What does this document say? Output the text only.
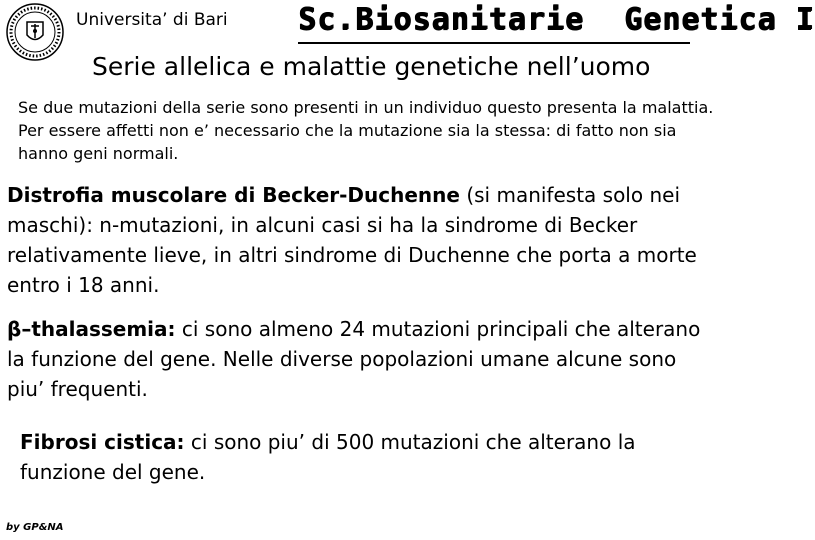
Universita’ di Bari Sc.Biosanitarie Genetica I
Serie allelica e malattie genetiche nell’uomo
Se due mutazioni della serie sono presenti in un individuo questo presenta la malattia. Per essere affetti non e’ necessario che la mutazione sia la stessa: di fatto non sia hanno geni normali.
Distrofia muscolare di Becker-Duchenne (si manifesta solo nei maschi): n-mutazioni, in alcuni casi si ha la sindrome di Becker relativamente lieve, in altri sindrome di Duchenne che porta a morte entro i 18 anni.
β–thalassemia: ci sono almeno 24 mutazioni principali che alterano la funzione del gene. Nelle diverse popolazioni umane alcune sono piu’ frequenti.
Fibrosi cistica: ci sono piu’ di 500 mutazioni che alterano la funzione del gene.
by GP&NA
